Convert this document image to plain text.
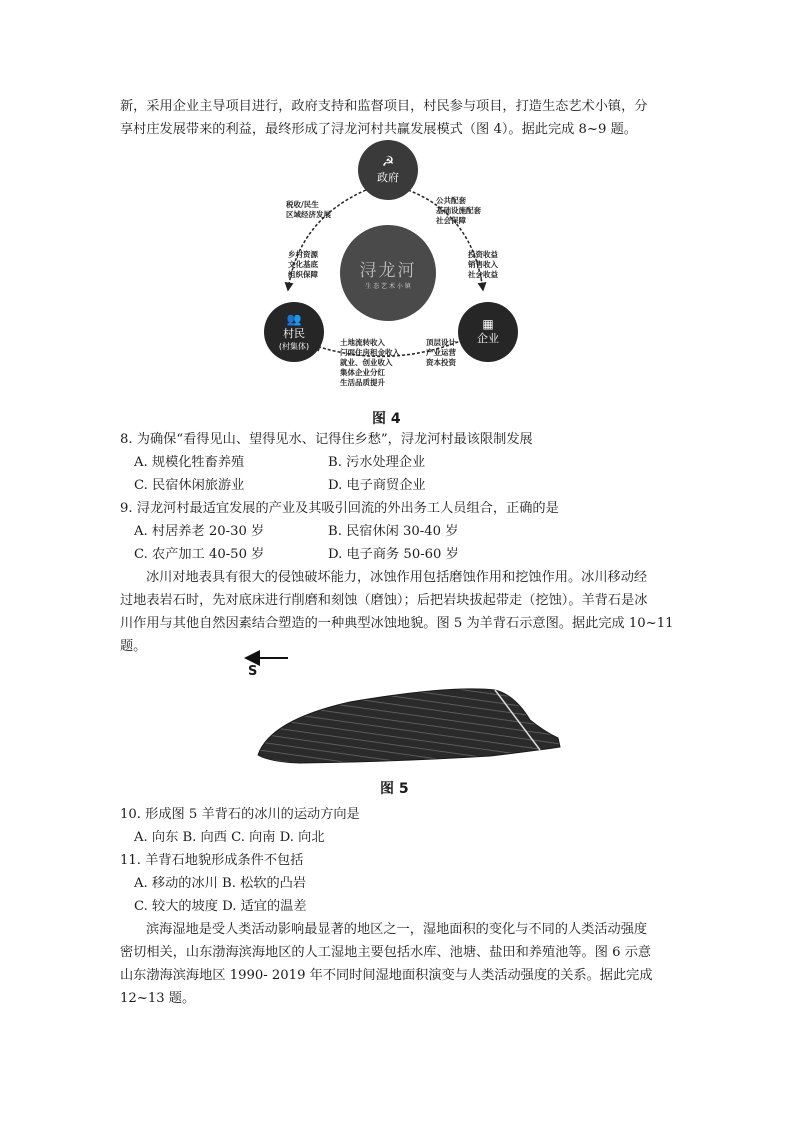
新，采用企业主导项目进行，政府支持和监督项目，村民参与项目，打造生态艺术小镇，分
享村庄发展带来的利益，最终形成了浔龙河村共赢发展模式（图 4）。据此完成 8~9 题。
☭
政府
浔龙河
生 态 艺 术 小 镇
👥
村民
(村集体)
▦
企业
税收/民生
区域经济发展
公共配套
基础设施配套
社会保障
乡村资源
文化基底
组织保障
投资收益
销售收入
社会收益
土地流转收入
门面住房租金收入
就业、创业收入
集体企业分红
生活品质提升
顶层设计
产业运营
资本投资
图 4
8. 为确保“看得见山、望得见水、记得住乡愁”，浔龙河村最该限制发展
A. 规模化牲畜养殖	B. 污水处理企业
C. 民宿休闲旅游业	D. 电子商贸企业
9. 浔龙河村最适宜发展的产业及其吸引回流的外出务工人员组合，正确的是
A. 村居养老 20-30 岁	B. 民宿休闲 30-40 岁
C. 农产加工 40-50 岁	D. 电子商务 50-60 岁
冰川对地表具有很大的侵蚀破坏能力，冰蚀作用包括磨蚀作用和挖蚀作用。冰川移动经
过地表岩石时，先对底床进行削磨和刻蚀（磨蚀）；后把岩块拔起带走（挖蚀）。羊背石是冰
川作用与其他自然因素结合塑造的一种典型冰蚀地貌。图 5 为羊背石示意图。据此完成 10~11
题。
S
图 5
10. 形成图 5 羊背石的冰川的运动方向是
A. 向东 B. 向西 C. 向南 D. 向北
11. 羊背石地貌形成条件不包括
A. 移动的冰川 B. 松软的凸岩
C. 较大的坡度 D. 适宜的温差
滨海湿地是受人类活动影响最显著的地区之一，湿地面积的变化与不同的人类活动强度
密切相关，山东渤海滨海地区的人工湿地主要包括水库、池塘、盐田和养殖池等。图 6 示意
山东渤海滨海地区 1990- 2019 年不同时间湿地面积演变与人类活动强度的关系。据此完成
12~13 题。
